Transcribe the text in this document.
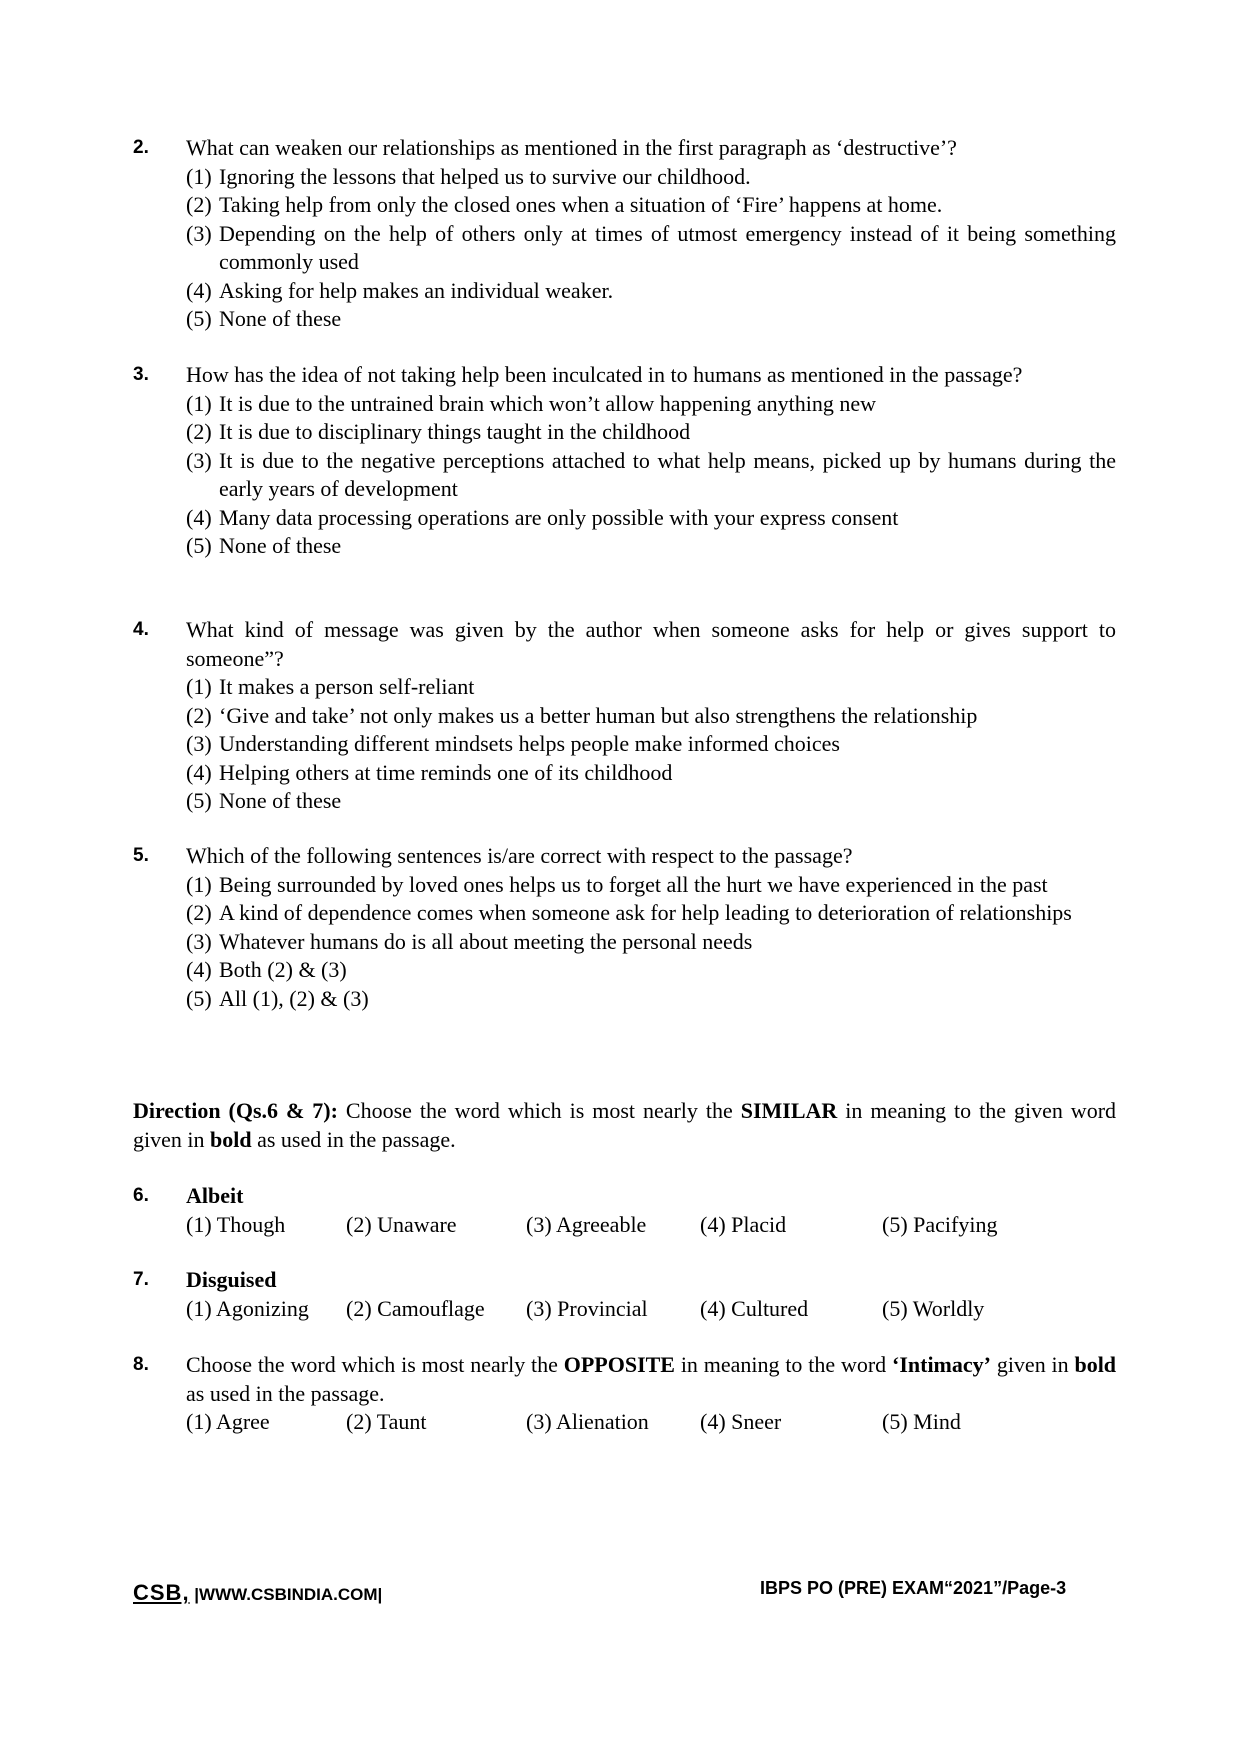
2.	What can weaken our relationships as mentioned in the first paragraph as ‘destructive’?
(1) Ignoring the lessons that helped us to survive our childhood.
(2) Taking help from only the closed ones when a situation of ‘Fire’ happens at home.
(3) Depending on the help of others only at times of utmost emergency instead of it being something commonly used
(4) Asking for help makes an individual weaker.
(5) None of these
3.	How has the idea of not taking help been inculcated in to humans as mentioned in the passage?
(1) It is due to the untrained brain which won’t allow happening anything new
(2) It is due to disciplinary things taught in the childhood
(3) It is due to the negative perceptions attached to what help means, picked up by humans during the early years of development
(4) Many data processing operations are only possible with your express consent
(5) None of these
4.	What kind of message was given by the author when someone asks for help or gives support to someone”?
(1) It makes a person self-reliant
(2) ‘Give and take’ not only makes us a better human but also strengthens the relationship
(3) Understanding different mindsets helps people make informed choices
(4) Helping others at time reminds one of its childhood
(5) None of these
5.	Which of the following sentences is/are correct with respect to the passage?
(1) Being surrounded by loved ones helps us to forget all the hurt we have experienced in the past
(2) A kind of dependence comes when someone ask for help leading to deterioration of relationships
(3) Whatever humans do is all about meeting the personal needs
(4) Both (2) & (3)
(5) All (1), (2) & (3)
Direction (Qs.6 & 7): Choose the word which is most nearly the SIMILAR in meaning to the given word given in bold as used in the passage.
6.	Albeit
(1) Though	(2) Unaware	(3) Agreeable	(4) Placid	(5) Pacifying
7.	Disguised
(1) Agonizing	(2) Camouflage	(3) Provincial	(4) Cultured	(5) Worldly
8.	Choose the word which is most nearly the OPPOSITE in meaning to the word ‘Intimacy’ given in bold as used in the passage.
(1) Agree	(2) Taunt	(3) Alienation	(4) Sneer	(5) Mind
CSB, |WWW.CSBINDIA.COM|	IBPS PO (PRE) EXAM“2021”/Page-3
